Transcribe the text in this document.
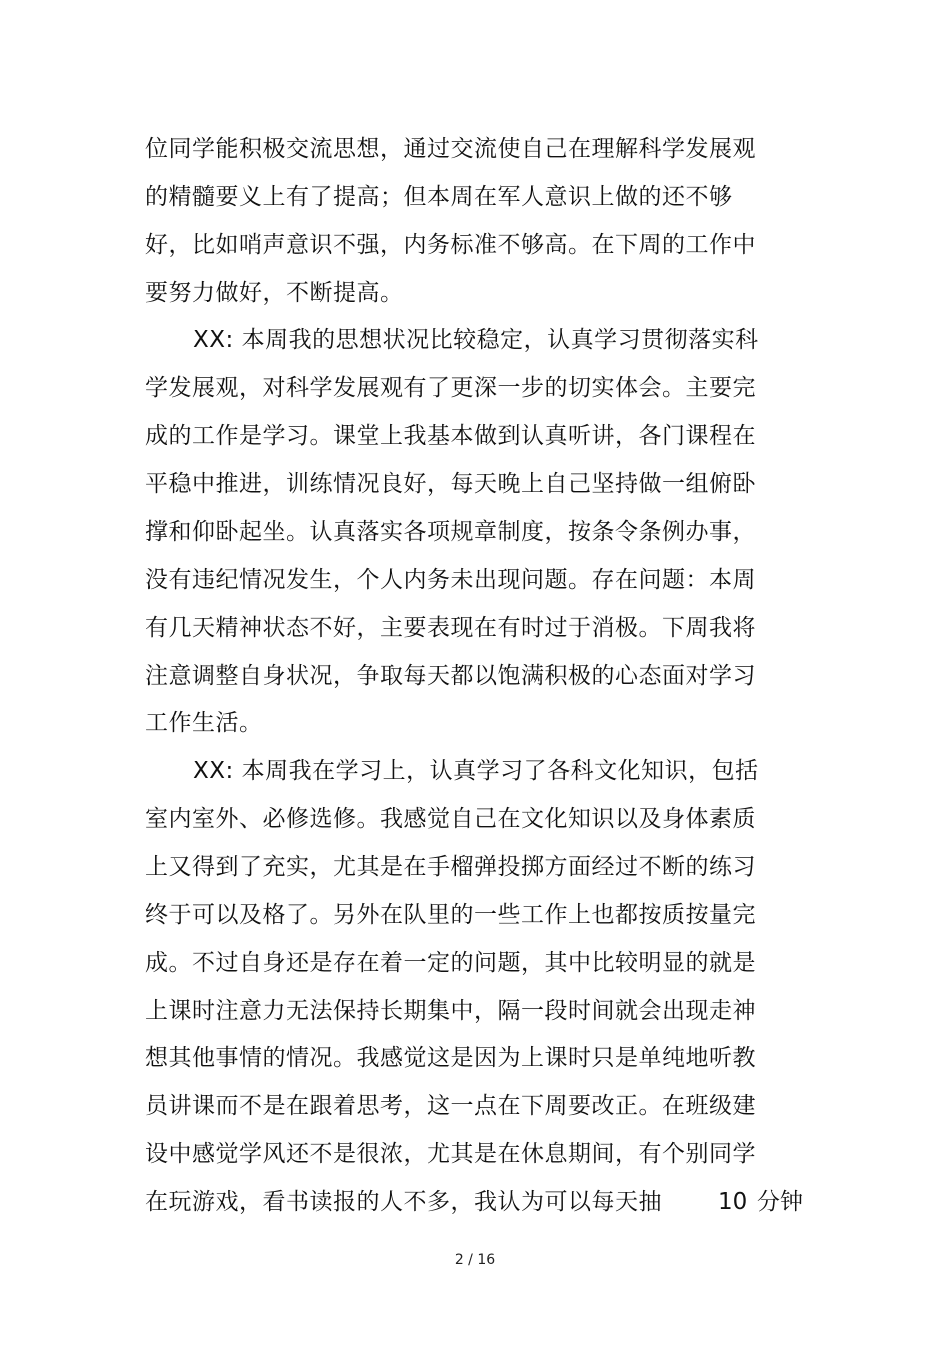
位同学能积极交流思想，通过交流使自己在理解科学发展观
的精髓要义上有了提高；但本周在军人意识上做的还不够
好，比如哨声意识不强，内务标准不够高。在下周的工作中
要努力做好，不断提高。
XX: 本周我的思想状况比较稳定，认真学习贯彻落实科
学发展观，对科学发展观有了更深一步的切实体会。主要完
成的工作是学习。课堂上我基本做到认真听讲，各门课程在
平稳中推进，训练情况良好，每天晚上自己坚持做一组俯卧
撑和仰卧起坐。认真落实各项规章制度，按条令条例办事，
没有违纪情况发生，个人内务未出现问题。存在问题：本周
有几天精神状态不好，主要表现在有时过于消极。下周我将
注意调整自身状况，争取每天都以饱满积极的心态面对学习
工作生活。
XX: 本周我在学习上，认真学习了各科文化知识，包括
室内室外、必修选修。我感觉自己在文化知识以及身体素质
上又得到了充实，尤其是在手榴弹投掷方面经过不断的练习
终于可以及格了。另外在队里的一些工作上也都按质按量完
成。不过自身还是存在着一定的问题，其中比较明显的就是
上课时注意力无法保持长期集中，隔一段时间就会出现走神
想其他事情的情况。我感觉这是因为上课时只是单纯地听教
员讲课而不是在跟着思考，这一点在下周要改正。在班级建
设中感觉学风还不是很浓，尤其是在休息期间，有个别同学
在玩游戏，看书读报的人不多，我认为可以每天抽 10 分钟
2 / 16
